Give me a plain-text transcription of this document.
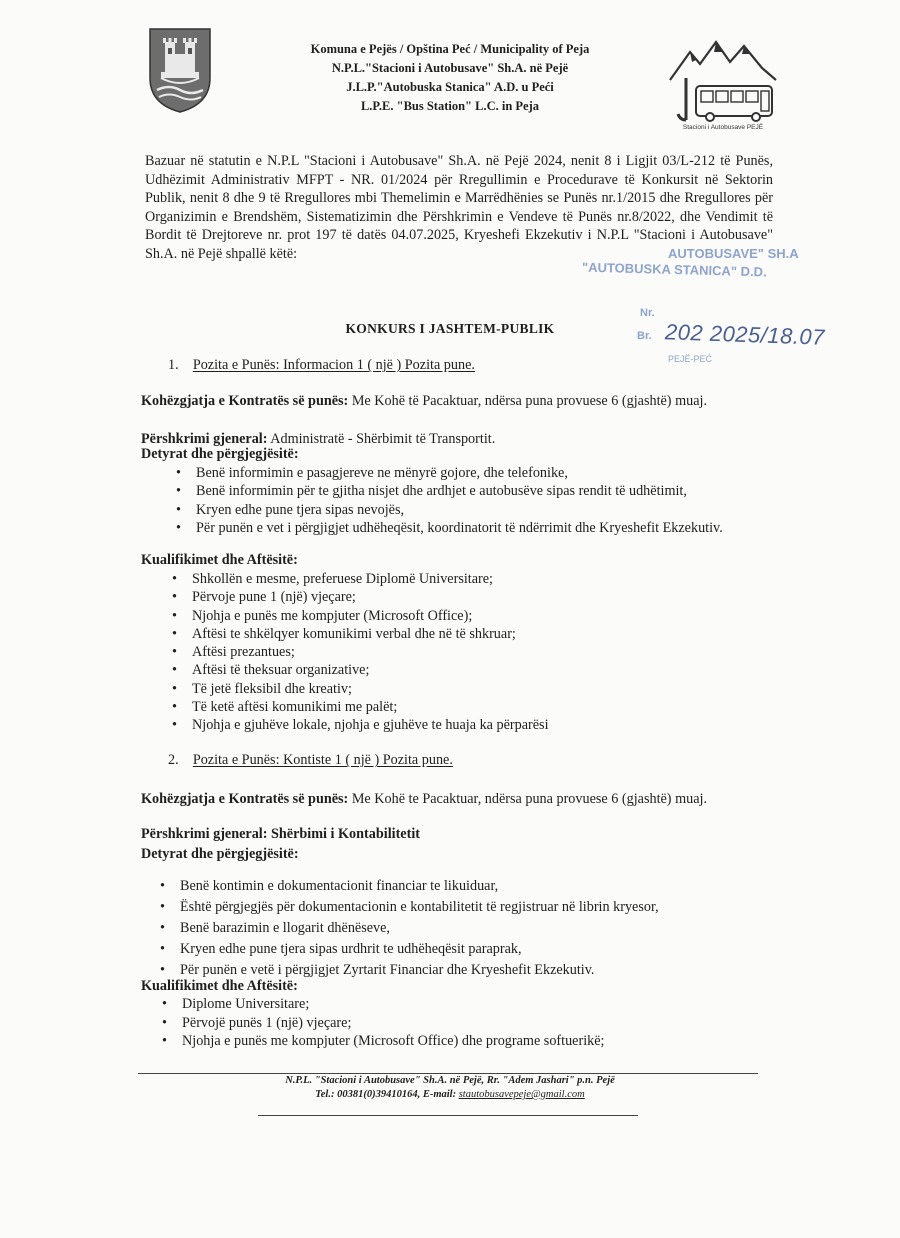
Komuna e Pejës / Opština Peć / Municipality of Peja
N.P.L."Stacioni i Autobusave" Sh.A. në Pejë
J.L.P."Autobuska Stanica" A.D. u Peći
L.P.E. "Bus Station" L.C. in Peja
Stacioni i Autobusave PEJË
Bazuar në statutin e N.P.L "Stacioni i Autobusave" Sh.A. në Pejë 2024, nenit 8 i Ligjit 03/L-212 të Punës, Udhëzimit Administrativ MFPT - NR. 01/2024 për Rregullimin e Procedurave të Konkursit në Sektorin Publik, nenit 8 dhe 9 të Rregullores mbi Themelimin e Marrëdhënies se Punës nr.1/2015 dhe Rregullores për Organizimin e Brendshëm, Sistematizimin dhe Përshkrimin e Vendeve të Punës nr.8/2022, dhe Vendimit të Bordit të Drejtoreve nr. prot 197 të datës 04.07.2025, Kryeshefi Ekzekutiv i N.P.L "Stacioni i Autobusave" Sh.A. në Pejë shpallë këtë:	AUTOBUSAVE" SH.A
"AUTOBUSKA STANICA" D.D.
Nr.
Br. 202 2025/18.07
PEJË-PEĆ
KONKURS I JASHTEM-PUBLIK
1. Pozita e Punës: Informacion 1 ( një ) Pozita pune.
Kohëzgjatja e Kontratës së punës: Me Kohë të Pacaktuar, ndërsa puna provuese 6 (gjashtë) muaj.
Përshkrimi gjeneral: Administratë - Shërbimit të Transportit.
Detyrat dhe përgjegjësitë:
• Benë informimin e pasagjereve ne mënyrë gojore, dhe telefonike,
• Benë informimin për te gjitha nisjet dhe ardhjet e autobusëve sipas rendit të udhëtimit,
• Kryen edhe pune tjera sipas nevojës,
• Për punën e vet i përgjigjet udhëheqësit, koordinatorit të ndërrimit dhe Kryeshefit Ekzekutiv.
Kualifikimet dhe Aftësitë:
• Shkollën e mesme, preferuese Diplomë Universitare;
• Përvoje pune 1 (një) vjeçare;
• Njohja e punës me kompjuter (Microsoft Office);
• Aftësi te shkëlqyer komunikimi verbal dhe në të shkruar;
• Aftësi prezantues;
• Aftësi të theksuar organizative;
• Të jetë fleksibil dhe kreativ;
• Të ketë aftësi komunikimi me palët;
• Njohja e gjuhëve lokale, njohja e gjuhëve te huaja ka përparësi
2. Pozita e Punës: Kontiste 1 ( një ) Pozita pune.
Kohëzgjatja e Kontratës së punës: Me Kohë te Pacaktuar, ndërsa puna provuese 6 (gjashtë) muaj.
Përshkrimi gjeneral: Shërbimi i Kontabilitetit
Detyrat dhe përgjegjësitë:
• Benë kontimin e dokumentacionit financiar te likuiduar,
• Është përgjegjës për dokumentacionin e kontabilitetit të regjistruar në librin kryesor,
• Benë barazimin e llogarit dhënëseve,
• Kryen edhe pune tjera sipas urdhrit te udhëheqësit paraprak,
• Për punën e vetë i përgjigjet Zyrtarit Financiar dhe Kryeshefit Ekzekutiv.
Kualifikimet dhe Aftësitë:
• Diplome Universitare;
• Përvojë punës 1 (një) vjeçare;
• Njohja e punës me kompjuter (Microsoft Office) dhe programe softuerikë;
N.P.L. "Stacioni i Autobusave" Sh.A. në Pejë, Rr. "Adem Jashari" p.n. Pejë
Tel.: 00381(0)39410164, E-mail: stautobusavepeje@gmail.com
